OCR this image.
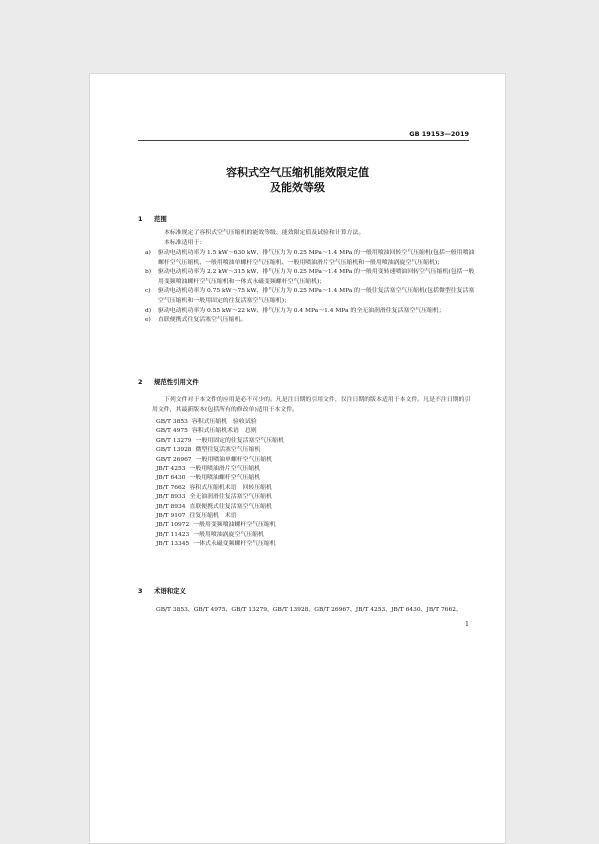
GB 19153—2019
容积式空气压缩机能效限定值
及能效等级
1 范围
本标准规定了容积式空气压缩机的能效等级、能效限定值及试验和计算方法。
本标准适用于：
a)	驱动电动机功率为 1.5 kW～630 kW、排气压力为 0.25 MPa～1.4 MPa 的一般用喷油回转空气压缩机(包括一般用喷油螺杆空气压缩机、一般用喷油单螺杆空气压缩机、一般用喷油滑片空气压缩机和一般用喷油涡旋空气压缩机)；
b)	驱动电动机功率为 2.2 kW～315 kW、排气压力为 0.25 MPa～1.4 MPa 的一般用变转速喷油回转空气压缩机(包括一般用变频喷油螺杆空气压缩机和一体式永磁变频螺杆空气压缩机)；
c)	驱动电动机功率为 0.75 kW～75 kW、排气压力为 0.25 MPa～1.4 MPa 的一般往复活塞空气压缩机(包括微型往复活塞空气压缩机和一般用固定的往复活塞空气压缩机)；
d)	驱动电动机功率为 0.55 kW～22 kW、排气压力为 0.4 MPa～1.4 MPa 的全无油润滑往复活塞空气压缩机；
e)	直联便携式往复活塞空气压缩机。
2 规范性引用文件
下列文件对于本文件的应用是必不可少的。凡是注日期的引用文件，仅注日期的版本适用于本文件。凡是不注日期的引用文件，其最新版本(包括所有的修改单)适用于本文件。
GB/T 3853 容积式压缩机　验收试验
GB/T 4975 容积式压缩机术语　总则
GB/T 13279 一般用固定的往复活塞空气压缩机
GB/T 13928 微型往复活塞空气压缩机
GB/T 26967 一般用喷油单螺杆空气压缩机
JB/T 4253 一般用喷油滑片空气压缩机
JB/T 6430 一般用喷油螺杆空气压缩机
JB/T 7662 容积式压缩机术语　回转压缩机
JB/T 8933 全无油润滑往复活塞空气压缩机
JB/T 8934 直联便携式往复活塞空气压缩机
JB/T 9107 往复压缩机　术语
JB/T 10972 一般用变频喷油螺杆空气压缩机
JB/T 11423 一般用喷油涡旋空气压缩机
JB/T 13345 一体式永磁变频螺杆空气压缩机
3 术语和定义
GB/T 3853、GB/T 4975、GB/T 13279、GB/T 13928、GB/T 26967、JB/T 4253、JB/T 6430、JB/T 7662、
1
